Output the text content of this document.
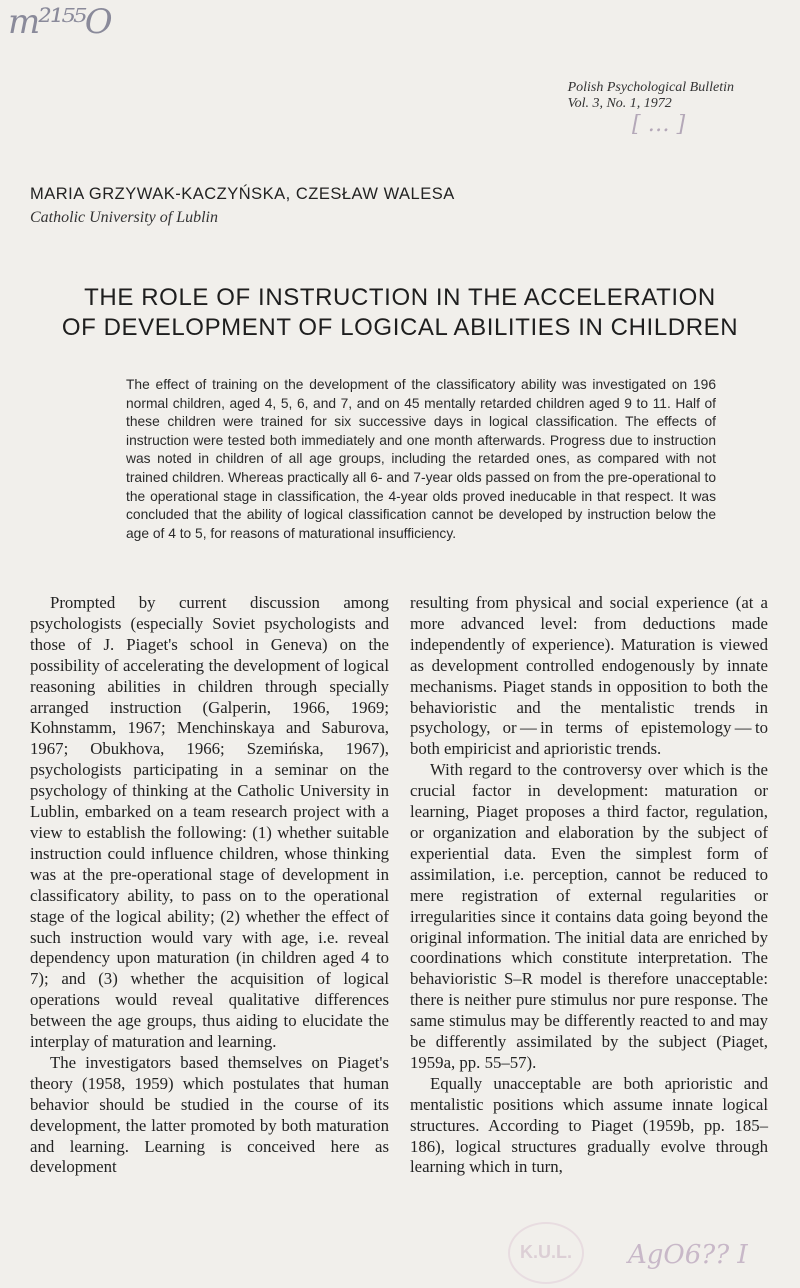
m²¹⁵⁵O
[ … ]
Polish Psychological Bulletin
Vol. 3, No. 1, 1972
MARIA GRZYWAK-KACZYŃSKA, CZESŁAW WALESA
Catholic University of Lublin
THE ROLE OF INSTRUCTION IN THE ACCELERATION
OF DEVELOPMENT OF LOGICAL ABILITIES IN CHILDREN
The effect of training on the development of the classificatory ability was investigated on 196 normal children, aged 4, 5, 6, and 7, and on 45 mentally retarded children aged 9 to 11. Half of these children were trained for six successive days in logical classification. The effects of instruction were tested both immediately and one month afterwards. Progress due to instruction was noted in children of all age groups, including the retarded ones, as compared with not trained children. Whereas practically all 6- and 7-year olds passed on from the pre-operational to the operational stage in classification, the 4-year olds proved ineducable in that respect. It was concluded that the ability of logical classification cannot be developed by instruction below the age of 4 to 5, for reasons of maturational insufficiency.

Prompted by current discussion among psychologists (especially Soviet psychologists and those of J. Piaget's school in Geneva) on the possibility of accelerating the development of logical reasoning abilities in children through specially arranged instruction (Galperin, 1966, 1969; Kohnstamm, 1967; Menchinskaya and Saburova, 1967; Obukhova, 1966; Szemińska, 1967), psychologists participating in a seminar on the psychology of thinking at the Catholic University in Lublin, embarked on a team research project with a view to establish the following: (1) whether suitable instruction could influence children, whose thinking was at the pre-operational stage of development in classificatory ability, to pass on to the operational stage of the logical ability; (2) whether the effect of such instruction would vary with age, i.e. reveal dependency upon maturation (in children aged 4 to 7); and (3) whether the acquisition of logical operations would reveal qualitative differences between the age groups, thus aiding to elucidate the interplay of maturation and learning.

The investigators based themselves on Piaget's theory (1958, 1959) which postulates that human behavior should be studied in the course of its development, the latter promoted by both maturation and learning. Learning is conceived here as development

resulting from physical and social experience (at a more advanced level: from deductions made independently of experience). Maturation is viewed as development controlled endogenously by innate mechanisms. Piaget stands in opposition to both the behavioristic and the mentalistic trends in psychology, or — in terms of epistemology — to both empiricist and aprioristic trends.

With regard to the controversy over which is the crucial factor in development: maturation or learning, Piaget proposes a third factor, regulation, or organization and elaboration by the subject of experiential data. Even the simplest form of assimilation, i.e. perception, cannot be reduced to mere registration of external regularities or irregularities since it contains data going beyond the original information. The initial data are enriched by coordinations which constitute interpretation. The behavioristic S–R model is therefore unacceptable: there is neither pure stimulus nor pure response. The same stimulus may be differently reacted to and may be differently assimilated by the subject (Piaget, 1959a, pp. 55–57).

Equally unacceptable are both aprioristic and mentalistic positions which assume innate logical structures. According to Piaget (1959b, pp. 185–186), logical structures gradually evolve through learning which in turn,

K.U.L. AgO6?? I
